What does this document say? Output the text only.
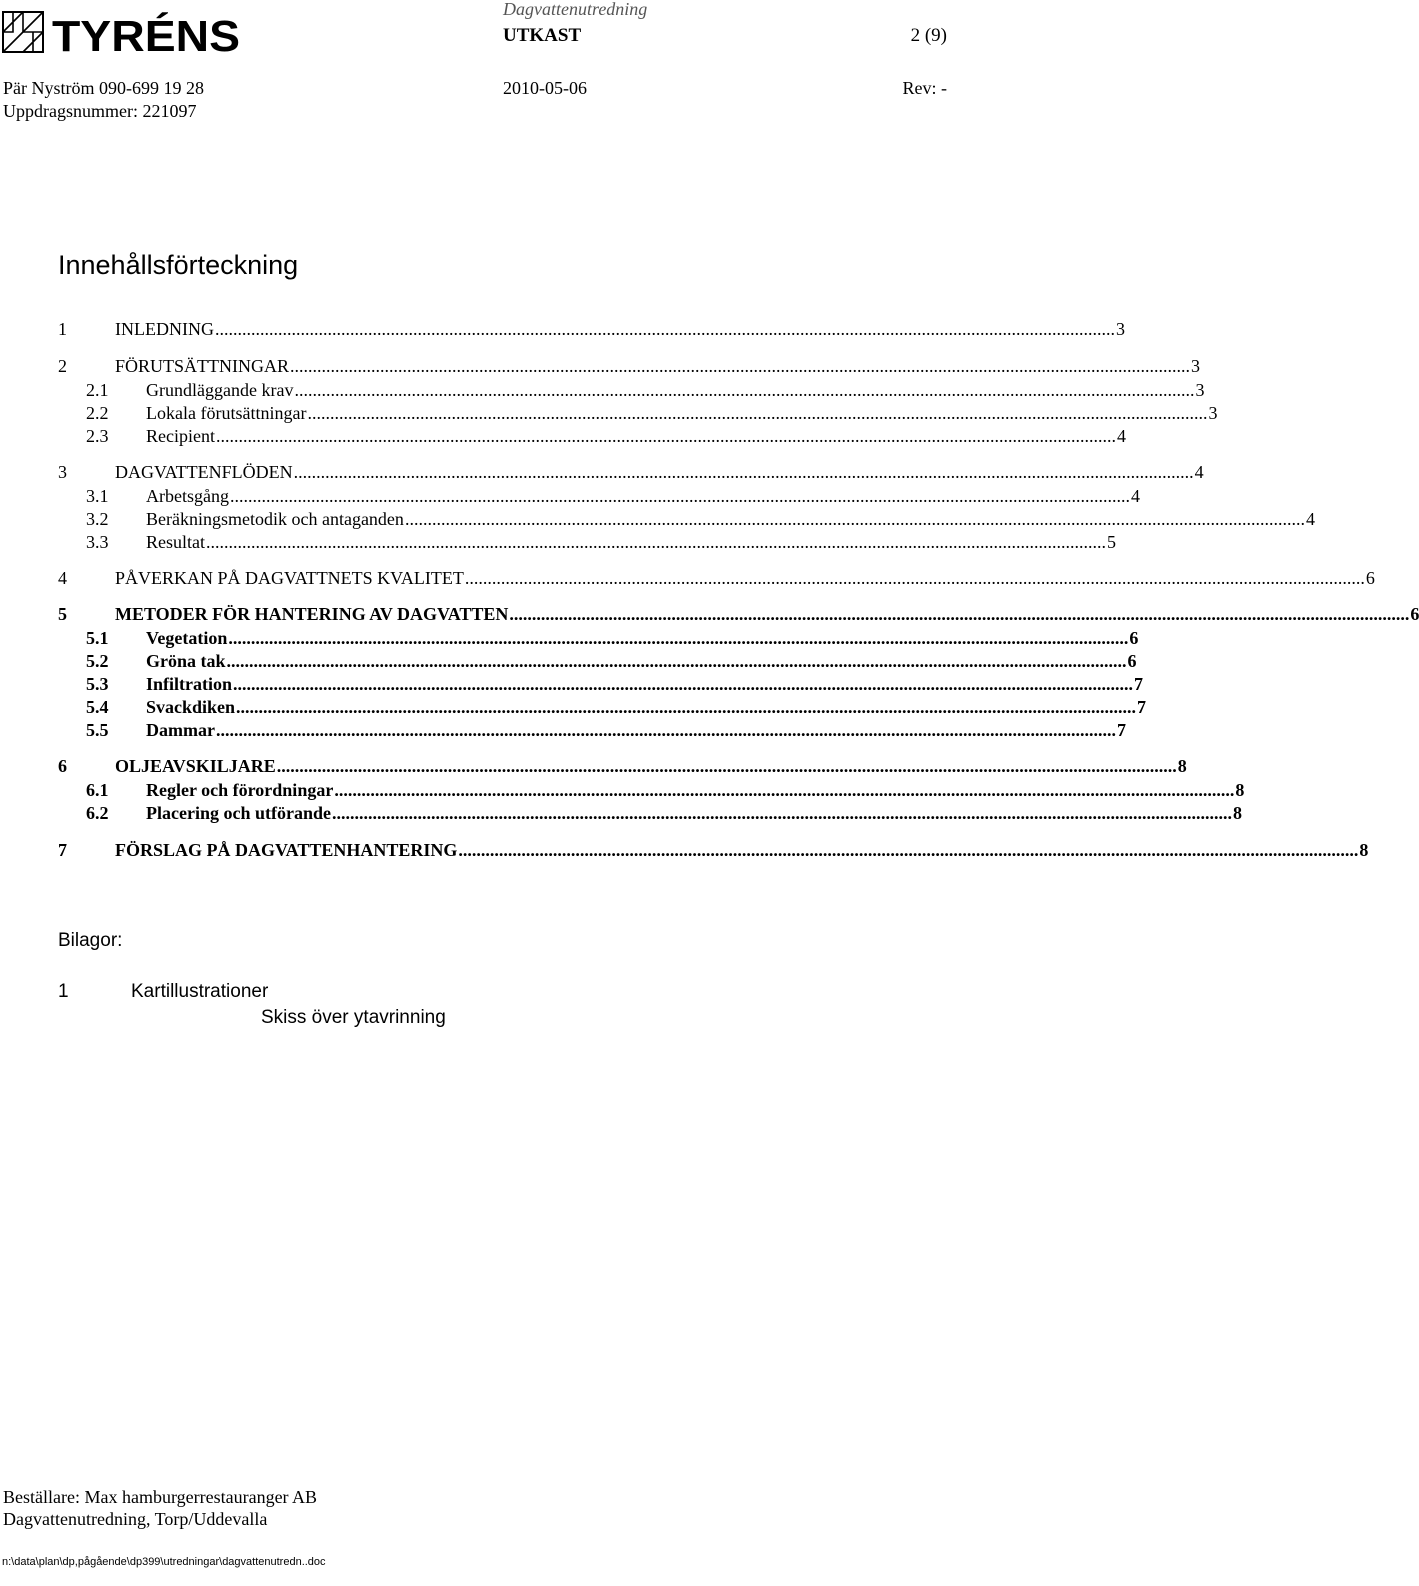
TYRÉNS
Dagvattenutredning
UTKAST	2 (9)
Pär Nyström 090-699 19 28	2010-05-06	Rev: -
Uppdragsnummer: 221097
Innehållsförteckning
1	INLEDNING ........................................................................................................................................................................................................ 3
2	FÖRUTSÄTTNINGAR ........................................................................................................................................................................................................ 3
2.1 Grundläggande krav ........................................................................................................................................................................................................ 3
2.2 Lokala förutsättningar ........................................................................................................................................................................................................ 3
2.3 Recipient ........................................................................................................................................................................................................ 4
3	DAGVATTENFLÖDEN ........................................................................................................................................................................................................ 4
3.1 Arbetsgång ........................................................................................................................................................................................................ 4
3.2 Beräkningsmetodik och antaganden ........................................................................................................................................................................................................ 4
3.3 Resultat ........................................................................................................................................................................................................ 5
4	PÅVERKAN PÅ DAGVATTNETS KVALITET ........................................................................................................................................................................................................ 6
5	METODER FÖR HANTERING AV DAGVATTEN ........................................................................................................................................................................................................ 6
5.1 Vegetation ........................................................................................................................................................................................................ 6
5.2 Gröna tak ........................................................................................................................................................................................................ 6
5.3 Infiltration ........................................................................................................................................................................................................ 7
5.4 Svackdiken ........................................................................................................................................................................................................ 7
5.5 Dammar ........................................................................................................................................................................................................ 7
6	OLJEAVSKILJARE ........................................................................................................................................................................................................ 8
6.1 Regler och förordningar ........................................................................................................................................................................................................ 8
6.2 Placering och utförande ........................................................................................................................................................................................................ 8
7	FÖRSLAG PÅ DAGVATTENHANTERING ........................................................................................................................................................................................................ 8
Bilagor:
1	Kartillustrationer
Skiss över ytavrinning
Beställare: Max hamburgerrestauranger AB
Dagvattenutredning, Torp/Uddevalla
n:\data\plan\dp,pågående\dp399\utredningar\dagvattenutredn..doc
